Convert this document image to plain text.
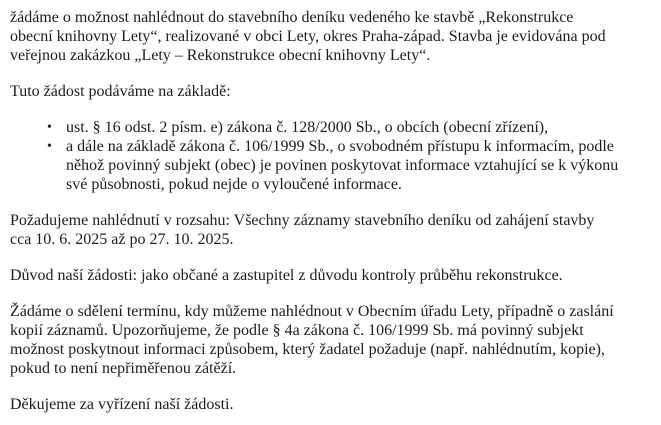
žádáme o možnost nahlédnout do stavebního deníku vedeného ke stavbě „Rekonstrukce
obecní knihovny Lety“, realizované v obci Lety, okres Praha-západ. Stavba je evidována pod
veřejnou zakázkou „Lety – Rekonstrukce obecní knihovny Lety“.

Tuto žádost podáváme na základě:

• ust. § 16 odst. 2 písm. e) zákona č. 128/2000 Sb., o obcích (obecní zřízení),
• a dále na základě zákona č. 106/1999 Sb., o svobodném přístupu k informacím, podle
něhož povinný subjekt (obec) je povinen poskytovat informace vztahující se k výkonu
své působnosti, pokud nejde o vyloučené informace.

Požadujeme nahlédnutí v rozsahu: Všechny záznamy stavebního deníku od zahájení stavby
cca 10. 6. 2025 až po 27. 10. 2025.

Důvod naší žádosti: jako občané a zastupitel z důvodu kontroly průběhu rekonstrukce.

Žádáme o sdělení termínu, kdy můžeme nahlédnout v Obecním úřadu Lety, případně o zaslání
kopií záznamů. Upozorňujeme, že podle § 4a zákona č. 106/1999 Sb. má povinný subjekt
možnost poskytnout informaci způsobem, který žadatel požaduje (např. nahlédnutím, kopie),
pokud to není nepřiměřenou zátěží.

Děkujeme za vyřízení naší žádosti.
